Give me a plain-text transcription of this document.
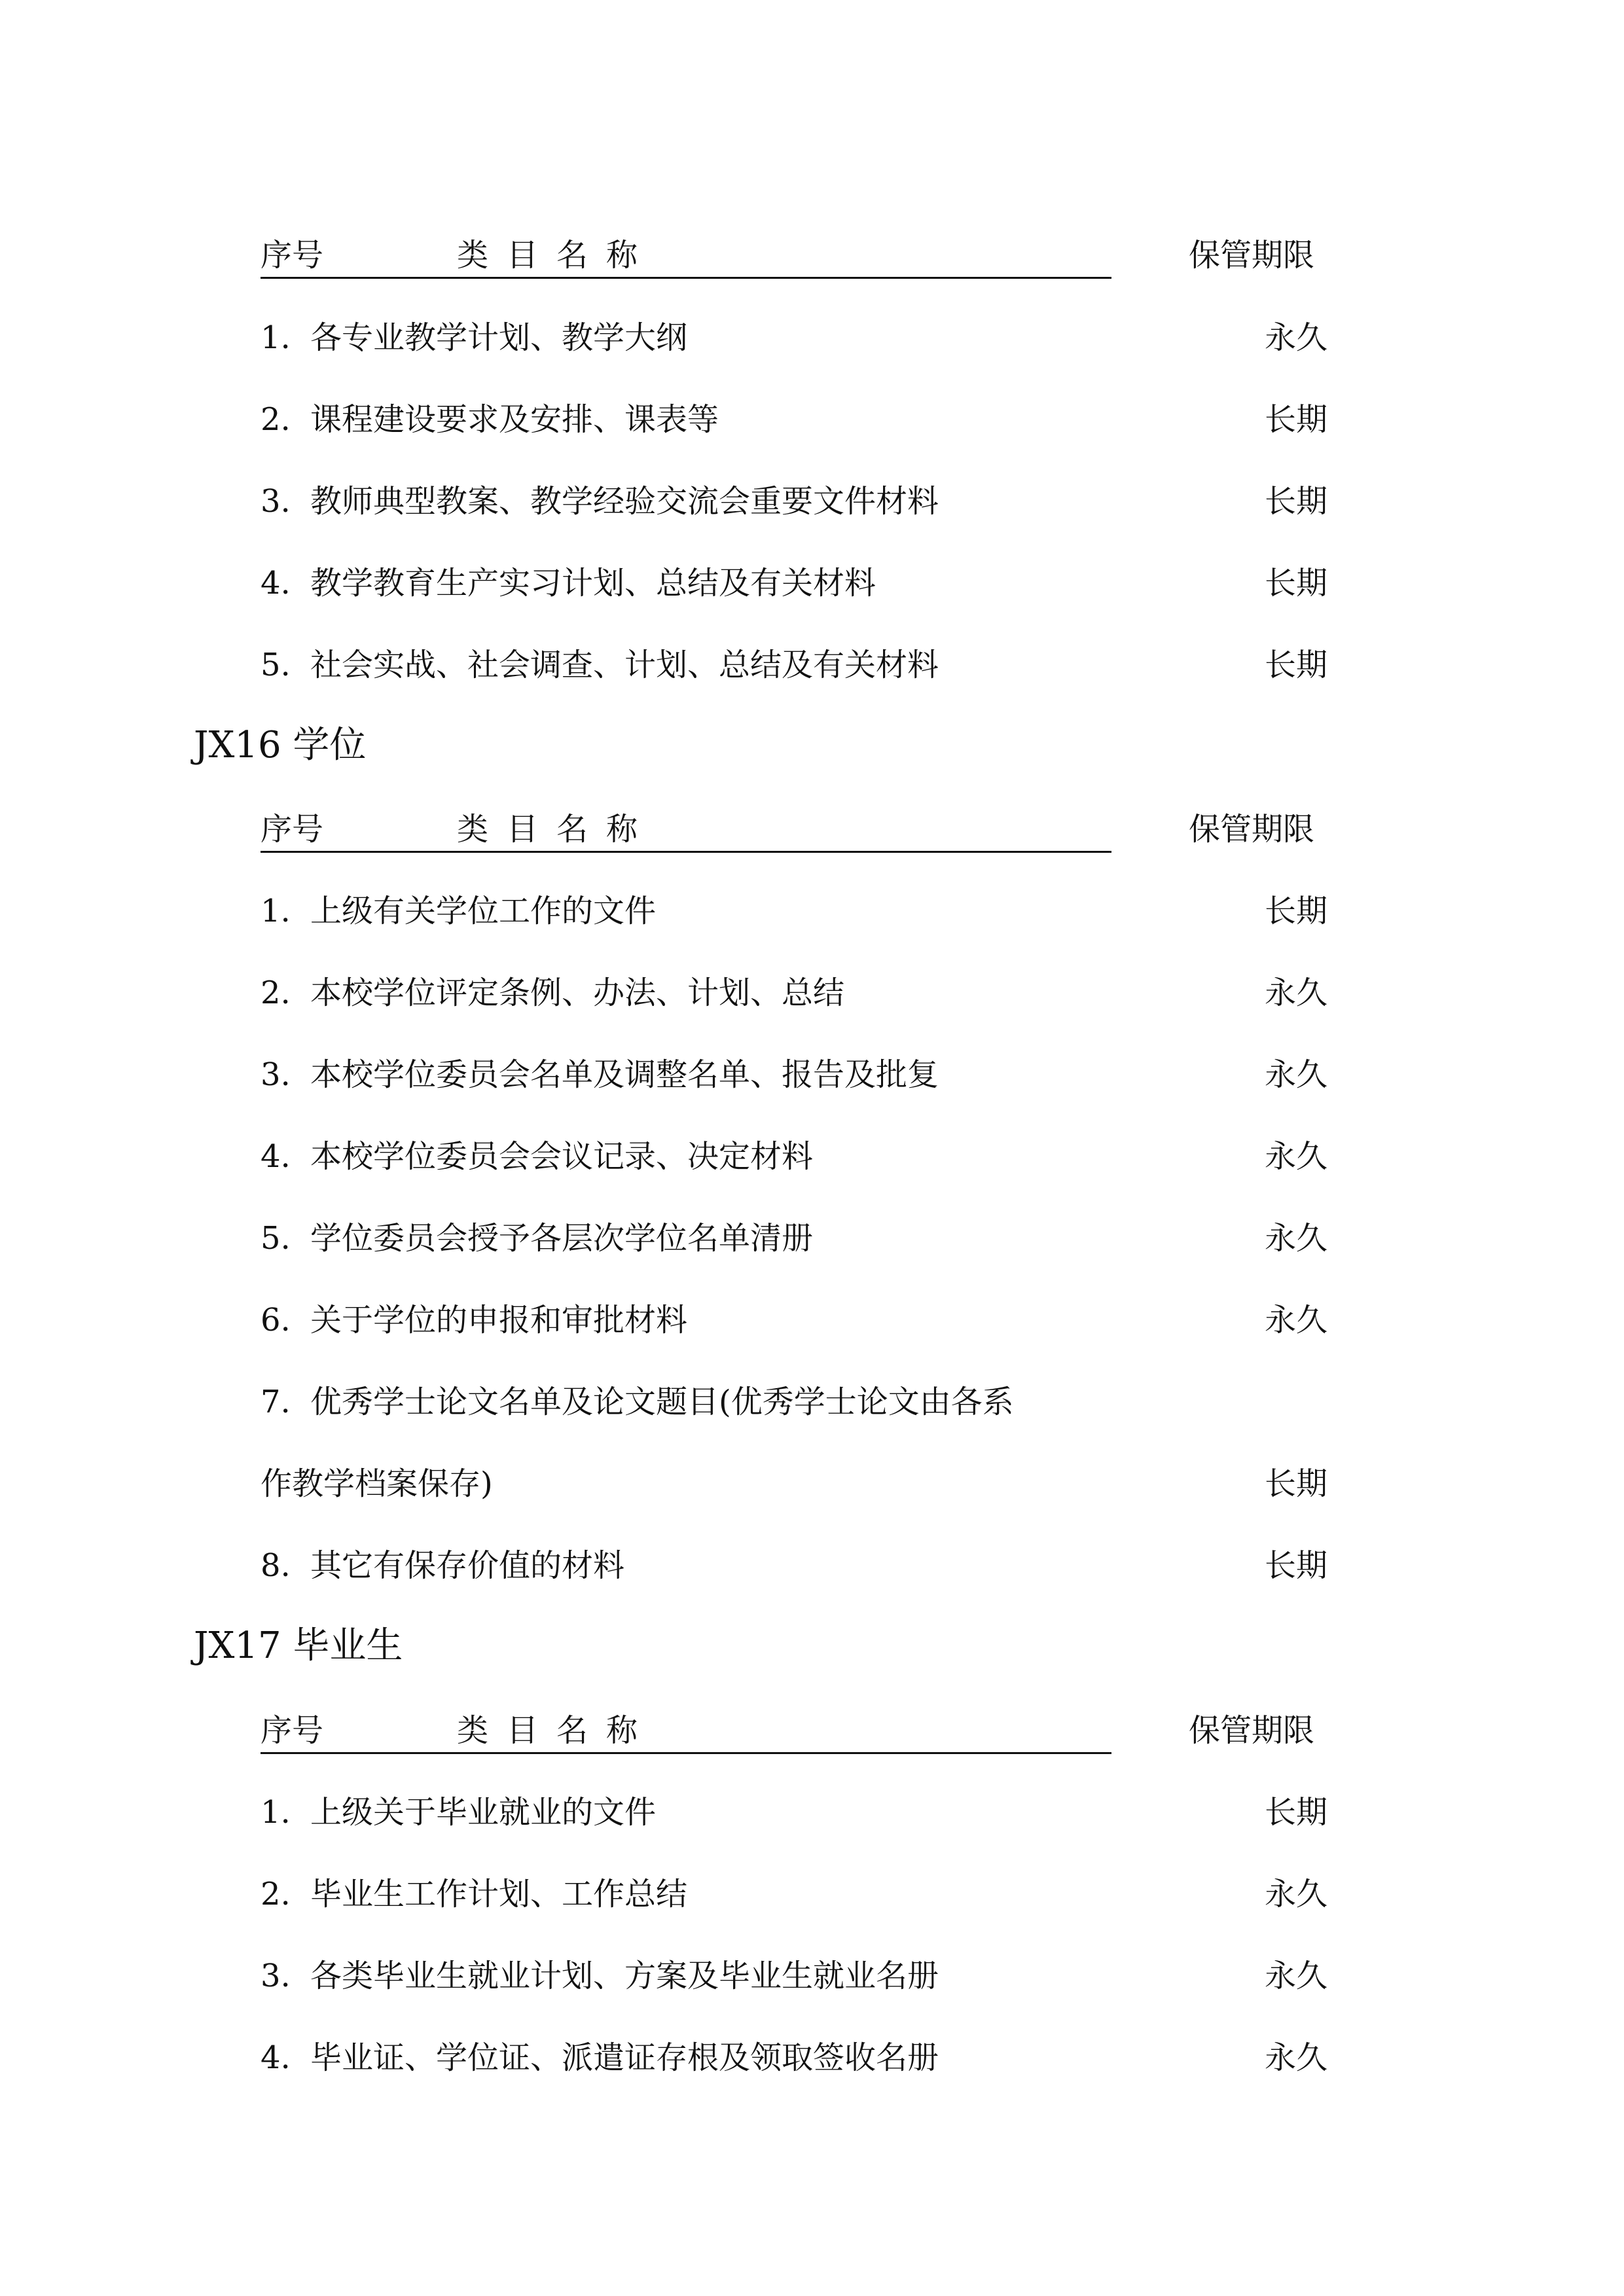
序号	类目名称	保管期限
1. 各专业教学计划、教学大纲	永久
2. 课程建设要求及安排、课表等	长期
3. 教师典型教案、教学经验交流会重要文件材料	长期
4. 教学教育生产实习计划、总结及有关材料	长期
5. 社会实战、社会调查、计划、总结及有关材料	长期
JX16 学位
序号	类目名称	保管期限
1. 上级有关学位工作的文件	长期
2. 本校学位评定条例、办法、计划、总结	永久
3. 本校学位委员会名单及调整名单、报告及批复	永久
4. 本校学位委员会会议记录、决定材料	永久
5. 学位委员会授予各层次学位名单清册	永久
6. 关于学位的申报和审批材料	永久
7. 优秀学士论文名单及论文题目(优秀学士论文由各系
作教学档案保存)	长期
8. 其它有保存价值的材料	长期
JX17 毕业生
序号	类目名称	保管期限
1. 上级关于毕业就业的文件	长期
2. 毕业生工作计划、工作总结	永久
3. 各类毕业生就业计划、方案及毕业生就业名册	永久
4. 毕业证、学位证、派遣证存根及领取签收名册	永久
